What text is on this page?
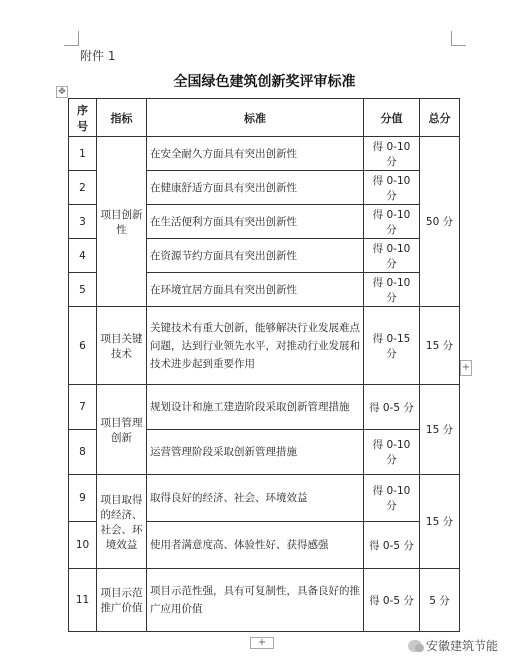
附件 1
全国绿色建筑创新奖评审标准
✥
序号	指标	标准	分值	总分
1	项目创新性	在安全耐久方面具有突出创新性	得 0-10 分	50 分
2		在健康舒适方面具有突出创新性	得 0-10 分	
3		在生活便利方面具有突出创新性	得 0-10 分	
4		在资源节约方面具有突出创新性	得 0-10 分	
5		在环境宜居方面具有突出创新性	得 0-10 分	
6	项目关键技术	关键技术有重大创新，能够解决行业发展难点问题，达到行业领先水平，对推动行业发展和技术进步起到重要作用	得 0-15 分	15 分
7	项目管理创新	规划设计和施工建造阶段采取创新管理措施	得 0-5 分	15 分
8		运营管理阶段采取创新管理措施	得 0-10 分	
9	项目取得的经济、社会、环境效益	取得良好的经济、社会、环境效益	得 0-10 分	15 分
10		使用者满意度高、体验性好、获得感强	得 0-5 分	
11	项目示范推广价值	项目示范性强，具有可复制性，具备良好的推广应用价值	得 0-5 分	5 分
+
+	安徽建筑节能
